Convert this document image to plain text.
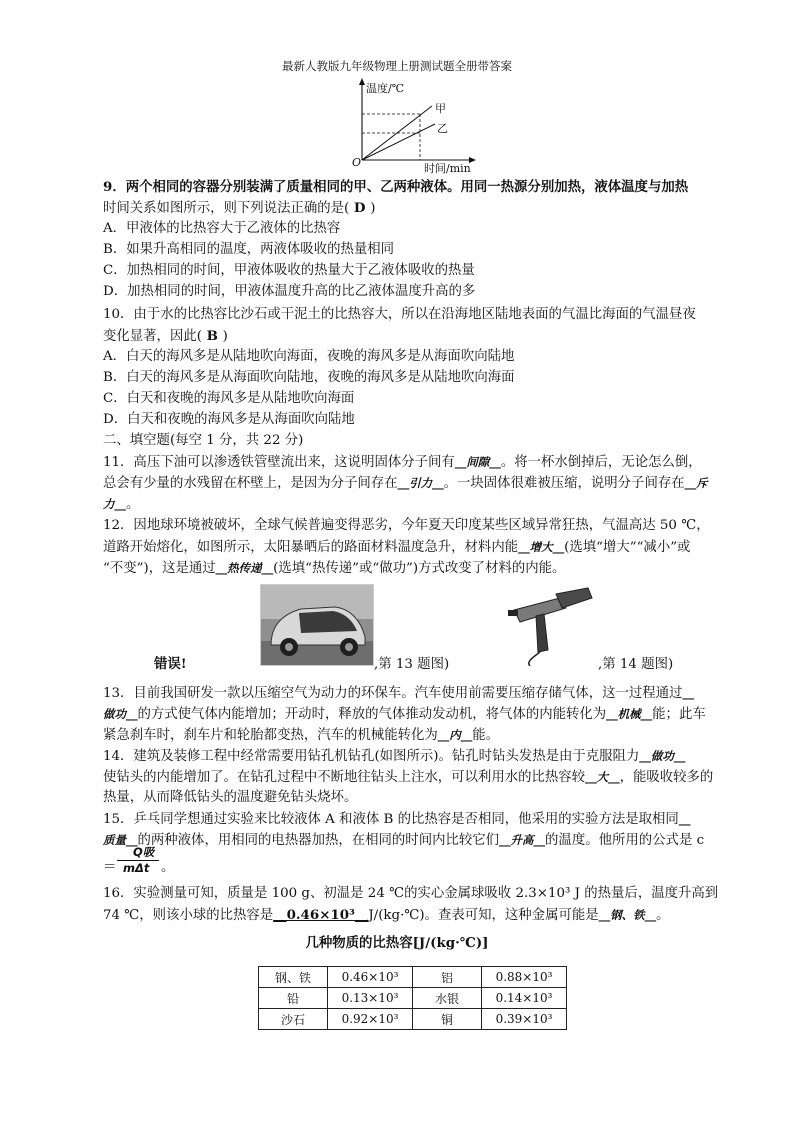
最新人教版九年级物理上册测试题全册带答案
温度/℃
时间/min
O
甲
乙
9．两个相同的容器分别装满了质量相同的甲、乙两种液体。用同一热源分别加热，液体温度与加热
时间关系如图所示，则下列说法正确的是( D )
A．甲液体的比热容大于乙液体的比热容
B．如果升高相同的温度，两液体吸收的热量相同
C．加热相同的时间，甲液体吸收的热量大于乙液体吸收的热量
D．加热相同的时间，甲液体温度升高的比乙液体温度升高的多
10．由于水的比热容比沙石或干泥土的比热容大，所以在沿海地区陆地表面的气温比海面的气温昼夜
变化显著，因此( B )
A．白天的海风多是从陆地吹向海面，夜晚的海风多是从海面吹向陆地
B．白天的海风多是从海面吹向陆地，夜晚的海风多是从陆地吹向海面
C．白天和夜晚的海风多是从陆地吹向海面
D．白天和夜晚的海风多是从海面吹向陆地
二、填空题(每空 1 分，共 22 分)
11．高压下油可以渗透铁管壁流出来，这说明固体分子间有__间隙__。将一杯水倒掉后，无论怎么倒，
总会有少量的水残留在杯壁上，是因为分子间存在__引力__。一块固体很难被压缩，说明分子间存在__斥
力__。
12．因地球环境被破坏，全球气候普遍变得恶劣，今年夏天印度某些区域异常狂热，气温高达 50 ℃，
道路开始熔化，如图所示，太阳暴晒后的路面材料温度急升，材料内能__增大__(选填“增大”“减小”或
“不变”)，这是通过__热传递__(选填“热传递”或“做功”)方式改变了材料的内能。
错误!	,第 13 题图)	,第 14 题图)
13．目前我国研发一款以压缩空气为动力的环保车。汽车使用前需要压缩存储气体，这一过程通过__
做功__的方式使气体内能增加；开动时，释放的气体推动发动机，将气体的内能转化为__机械__能；此车
紧急刹车时，刹车片和轮胎都变热，汽车的机械能转化为__内__能。
14．建筑及装修工程中经常需要用钻孔机钻孔(如图所示)。钻孔时钻头发热是由于克服阻力__做功__
使钻头的内能增加了。在钻孔过程中不断地往钻头上注水，可以利用水的比热容较__大__，能吸收较多的
热量，从而降低钻头的温度避免钻头烧坏。
15．乒乓同学想通过实验来比较液体 A 和液体 B 的比热容是否相同，他采用的实验方法是取相同__
质量__的两种液体，用相同的电热器加热，在相同的时间内比较它们__升高__的温度。他所用的公式是 c
＝
Q吸
mΔt 。
16．实验测量可知，质量是 100 g、初温是 24 ℃的实心金属球吸收 2.3×10³ J 的热量后，温度升高到
74 ℃，则该小球的比热容是__0.46×10³__J/(kg·℃)。查表可知，这种金属可能是__钢、铁__。
几种物质的比热容[J/(kg·℃)]
钢、铁	0.46×10³	铝	0.88×10³
铅	0.13×10³	水银	0.14×10³
沙石	0.92×10³	铜	0.39×10³
